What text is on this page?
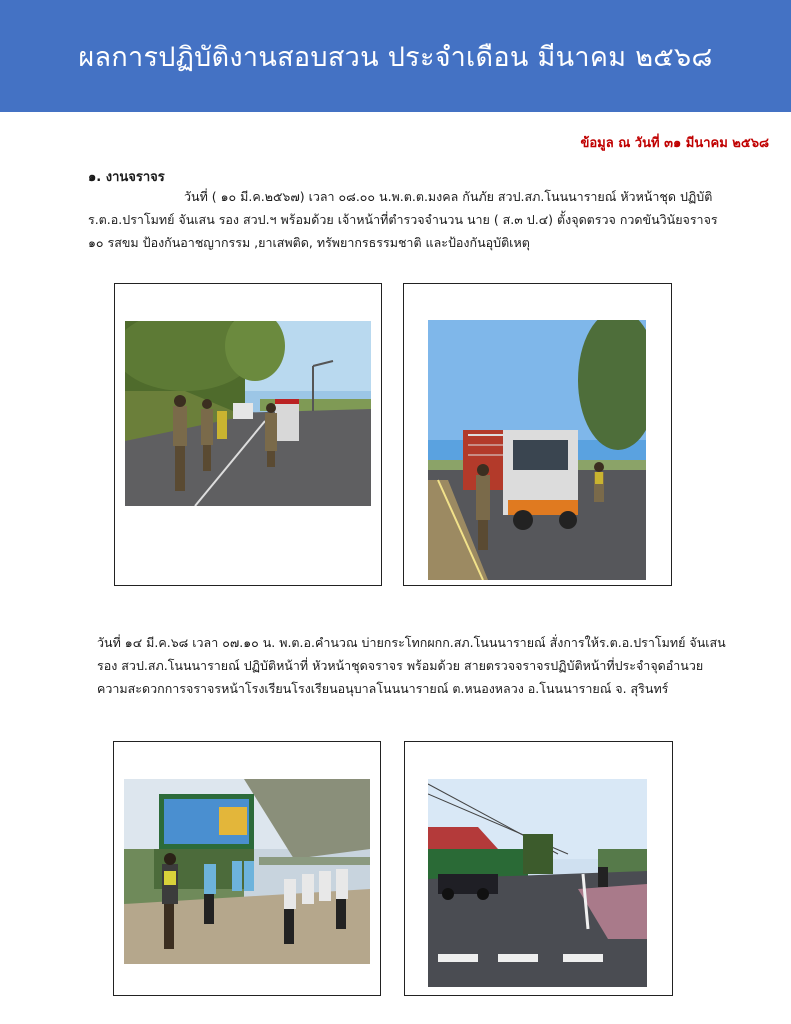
ผลการปฏิบัติงานสอบสวน ประจำเดือน มีนาคม ๒๕๖๘
ข้อมูล ณ วันที่ ๓๑ มีนาคม ๒๕๖๘
๑. งานจราจร

วันที่ ( ๑๐ มี.ค.๒๕๖๗) เวลา ๐๘.๐๐ น.พ.ต.ต.มงคล กันภัย สวป.สภ.โนนนารายณ์ หัวหน้าชุด ปฏิบัติ ร.ต.อ.ปราโมทย์ จันเสน รอง สวป.ฯ พร้อมด้วย เจ้าหน้าที่ตำรวจจำนวน นาย ( ส.๓ ป.๔) ตั้งจุดตรวจ กวดขันวินัยจราจร ๑๐ รสขม ป้องกันอาชญากรรม ,ยาเสพติด, ทรัพยากรธรรมชาติ และป้องกันอุบัติเหตุ

วันที่ ๑๔ มี.ค.๖๘ เวลา ๐๗.๑๐ น. พ.ต.อ.คำนวณ บ่ายกระโทกผกก.สภ.โนนนารายณ์ สั่งการให้ร.ต.อ.ปราโมทย์ จันเสน รอง สวป.สภ.โนนนารายณ์ ปฏิบัติหน้าที่ หัวหน้าชุดจราจร พร้อมด้วย สายตรวจจราจรปฏิบัติหน้าที่ประจำจุดอำนวยความสะดวกการจราจรหน้าโรงเรียนโรงเรียนอนุบาลโนนนารายณ์ ต.หนองหลวง อ.โนนนารายณ์ จ. สุรินทร์
